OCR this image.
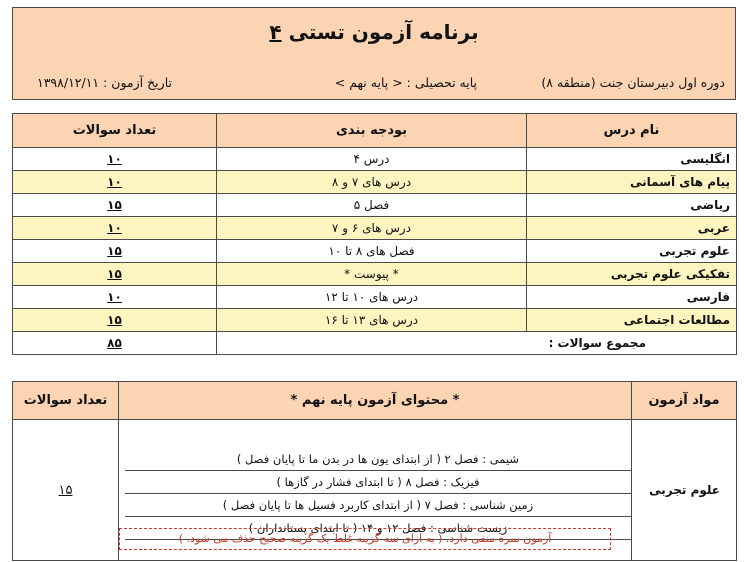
برنامه آزمون تستی ۴
دوره اول دبیرستان جنت (منطقه ۸)
پایه تحصیلی : < پایه نهم >
تاریخ آزمون : ۱۳۹۸/۱۲/۱۱
نام درس	بودجه بندی	تعداد سوالات
انگلیسی	درس ۴	۱۰
پیام های آسمانی	درس های ۷ و ۸	۱۰
ریاضی	فصل ۵	۱۵
عربی	درس های ۶ و ۷	۱۰
علوم تجربی	فصل های ۸ تا ۱۰	۱۵
تفکیکی علوم تجربی	* پیوست *	۱۵
فارسی	درس های ۱۰ تا ۱۲	۱۰
مطالعات اجتماعی	درس های ۱۳ تا ۱۶	۱۵
مجموع سوالات :		۸۵
مواد آزمون	* محتوای آزمون پایه نهم *	تعداد سوالات
علوم تجربی	شیمی : فصل ۲ ( از ابتدای یون ها در بدن ما تا پایان فصل )
فیزیک : فصل ۸ ( تا ابتدای فشار در گازها )
زمین شناسی : فصل ۷ ( از ابتدای کاربرد فسیل ها تا پایان فصل )
زیست شناسی : فصل ۱۲ و ۱۴ ( تا ابتدای پستانداران )	۱۵
آزمون نمره منفی دارد. ( به ازای سه گزینه غلط یک گزینه صحیح حذف می شود. )
